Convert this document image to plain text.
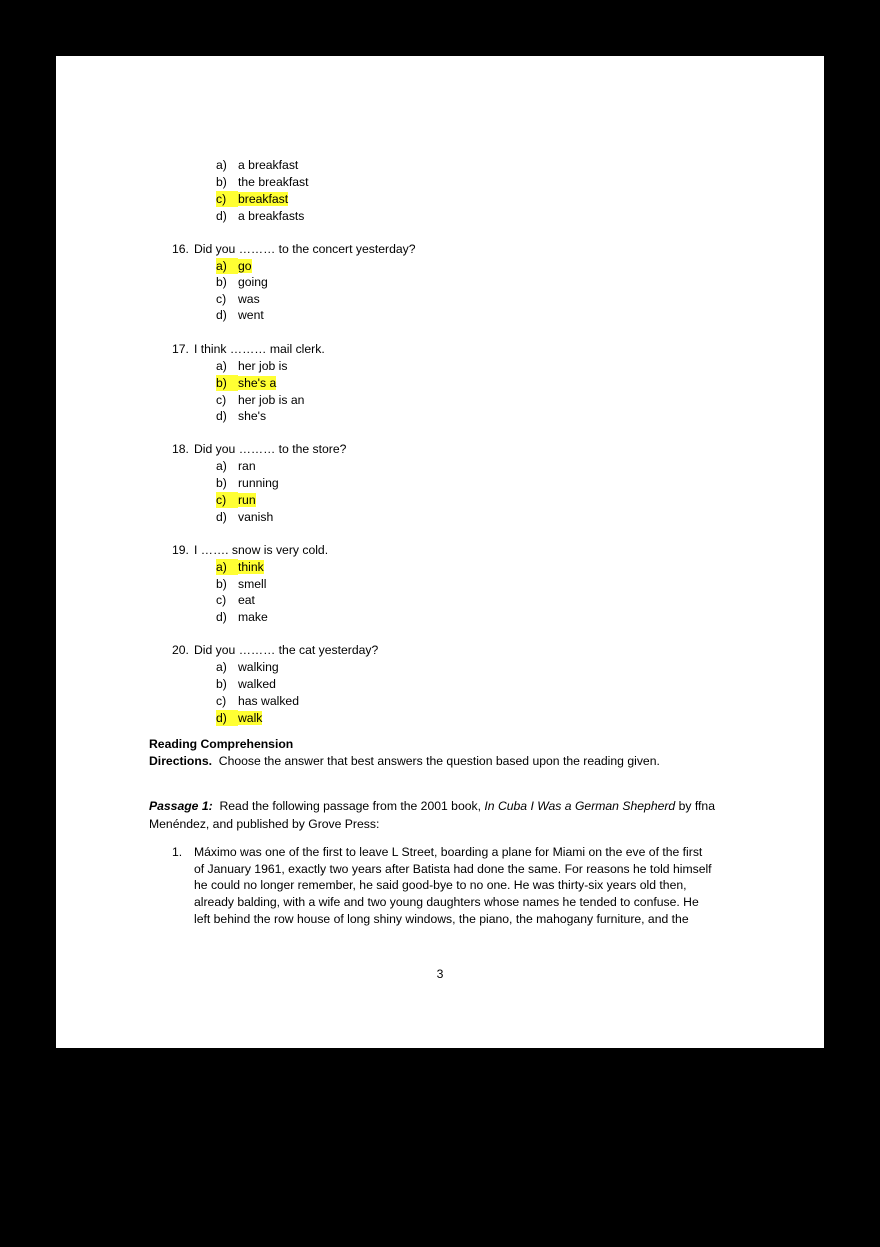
a) a breakfast
b) the breakfast
c) breakfast
d) a breakfasts
16. Did you ……… to the concert yesterday?
a) go
b) going
c) was
d) went
17. I think ……… mail clerk.
a) her job is
b) she's a
c) her job is an
d) she's
18. Did you ……… to the store?
a) ran
b) running
c) run
d) vanish
19. I ……. snow is very cold.
a) think
b) smell
c) eat
d) make
20. Did you ……… the cat yesterday?
a) walking
b) walked
c) has walked
d) walk
Reading Comprehension
Directions. Choose the answer that best answers the question based upon the reading given.
Passage 1: Read the following passage from the 2001 book, In Cuba I Was a German Shepherd by ffna
Menéndez, and published by Grove Press:
1. Máximo was one of the first to leave L Street, boarding a plane for Miami on the eve of the first
of January 1961, exactly two years after Batista had done the same. For reasons he told himself
he could no longer remember, he said good-bye to no one. He was thirty-six years old then,
already balding, with a wife and two young daughters whose names he tended to confuse. He
left behind the row house of long shiny windows, the piano, the mahogany furniture, and the
3
